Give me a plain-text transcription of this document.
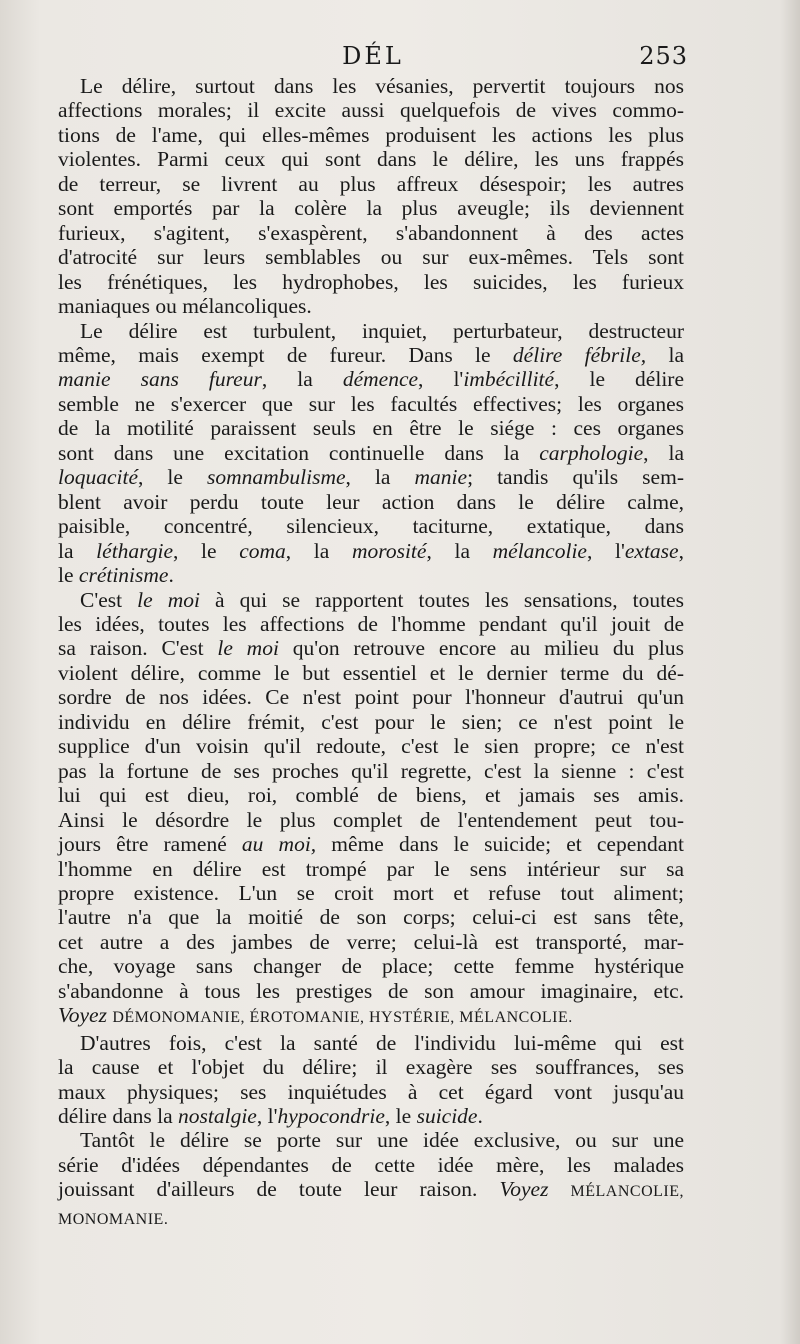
DÉL	253
Le délire, surtout dans les vésanies, pervertit toujours nos
affections morales; il excite aussi quelquefois de vives commo-
tions de l'ame, qui elles-mêmes produisent les actions les plus
violentes. Parmi ceux qui sont dans le délire, les uns frappés
de terreur, se livrent au plus affreux désespoir; les autres
sont emportés par la colère la plus aveugle; ils deviennent
furieux, s'agitent, s'exaspèrent, s'abandonnent à des actes
d'atrocité sur leurs semblables ou sur eux-mêmes. Tels sont
les frénétiques, les hydrophobes, les suicides, les furieux
maniaques ou mélancoliques.
Le délire est turbulent, inquiet, perturbateur, destructeur
même, mais exempt de fureur. Dans le délire fébrile, la
manie sans fureur, la démence, l'imbécillité, le délire
semble ne s'exercer que sur les facultés effectives; les organes
de la motilité paraissent seuls en être le siége : ces organes
sont dans une excitation continuelle dans la carphologie, la
loquacité, le somnambulisme, la manie; tandis qu'ils sem-
blent avoir perdu toute leur action dans le délire calme,
paisible, concentré, silencieux, taciturne, extatique, dans
la léthargie, le coma, la morosité, la mélancolie, l'extase,
le crétinisme.
C'est le moi à qui se rapportent toutes les sensations, toutes
les idées, toutes les affections de l'homme pendant qu'il jouit de
sa raison. C'est le moi qu'on retrouve encore au milieu du plus
violent délire, comme le but essentiel et le dernier terme du dé-
sordre de nos idées. Ce n'est point pour l'honneur d'autrui qu'un
individu en délire frémit, c'est pour le sien; ce n'est point le
supplice d'un voisin qu'il redoute, c'est le sien propre; ce n'est
pas la fortune de ses proches qu'il regrette, c'est la sienne : c'est
lui qui est dieu, roi, comblé de biens, et jamais ses amis.
Ainsi le désordre le plus complet de l'entendement peut tou-
jours être ramené au moi, même dans le suicide; et cependant
l'homme en délire est trompé par le sens intérieur sur sa
propre existence. L'un se croit mort et refuse tout aliment;
l'autre n'a que la moitié de son corps; celui-ci est sans tête,
cet autre a des jambes de verre; celui-là est transporté, mar-
che, voyage sans changer de place; cette femme hystérique
s'abandonne à tous les prestiges de son amour imaginaire, etc.
Voyez DÉMONOMANIE, ÉROTOMANIE, HYSTÉRIE, MÉLANCOLIE.
D'autres fois, c'est la santé de l'individu lui-même qui est
la cause et l'objet du délire; il exagère ses souffrances, ses
maux physiques; ses inquiétudes à cet égard vont jusqu'au
délire dans la nostalgie, l'hypocondrie, le suicide.
Tantôt le délire se porte sur une idée exclusive, ou sur une
série d'idées dépendantes de cette idée mère, les malades
jouissant d'ailleurs de toute leur raison. Voyez MÉLANCOLIE,
MONOMANIE.
